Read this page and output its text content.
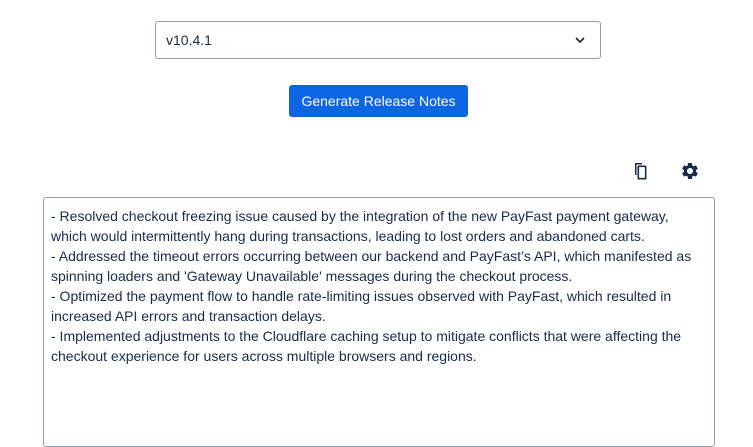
v10.4.1
Generate Release Notes

- Resolved checkout freezing issue caused by the integration of the new PayFast payment gateway, which would intermittently hang during transactions, leading to lost orders and abandoned carts.

- Addressed the timeout errors occurring between our backend and PayFast’s API, which manifested as spinning loaders and 'Gateway Unavailable' messages during the checkout process.

- Optimized the payment flow to handle rate-limiting issues observed with PayFast, which resulted in increased API errors and transaction delays.

- Implemented adjustments to the Cloudflare caching setup to mitigate conflicts that were affecting the checkout experience for users across multiple browsers and regions.
